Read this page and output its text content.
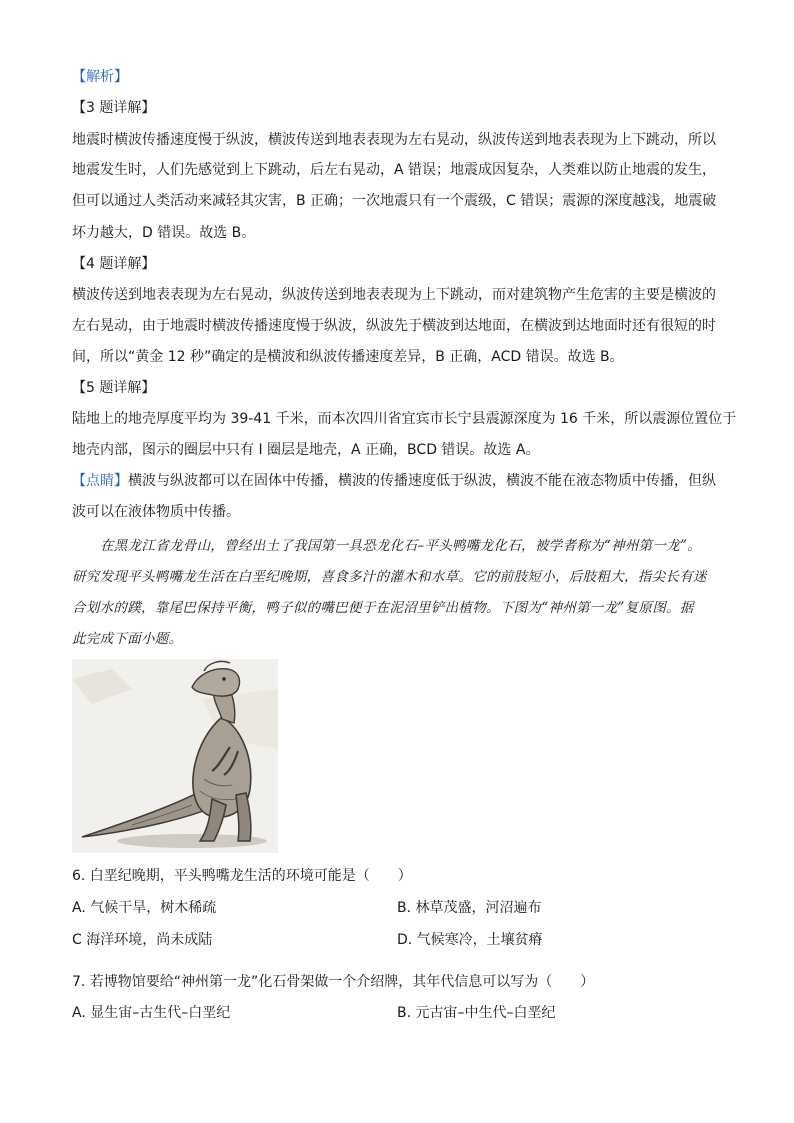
【解析】
【3 题详解】
地震时横波传播速度慢于纵波，横波传送到地表表现为左右晃动，纵波传送到地表表现为上下跳动，所以
地震发生时，人们先感觉到上下跳动，后左右晃动，A 错误；地震成因复杂，人类难以防止地震的发生，
但可以通过人类活动来减轻其灾害，B 正确；一次地震只有一个震级，C 错误；震源的深度越浅，地震破
坏力越大，D 错误。故选 B。
【4 题详解】
横波传送到地表表现为左右晃动，纵波传送到地表表现为上下跳动，而对建筑物产生危害的主要是横波的
左右晃动，由于地震时横波传播速度慢于纵波，纵波先于横波到达地面，在横波到达地面时还有很短的时
间，所以“黄金 12 秒”确定的是横波和纵波传播速度差异，B 正确，ACD 错误。故选 B。
【5 题详解】
陆地上的地壳厚度平均为 39-41 千米，而本次四川省宜宾市长宁县震源深度为 16 千米，所以震源位置位于
地壳内部，图示的圈层中只有 I 圈层是地壳，A 正确，BCD 错误。故选 A。
【点睛】横波与纵波都可以在固体中传播，横波的传播速度低于纵波，横波不能在液态物质中传播，但纵
波可以在液体物质中传播。
在黑龙江省龙骨山，曾经出土了我国第一具恐龙化石–平头鸭嘴龙化石，被学者称为“神州第一龙”。
研究发现平头鸭嘴龙生活在白垩纪晚期，喜食多汁的灌木和水草。它的前肢短小，后肢粗大，指尖长有迷
合划水的蹼，靠尾巴保持平衡，鸭子似的嘴巴便于在泥沼里铲出植物。下图为“神州第一龙”复原图。据
此完成下面小题。
6. 白垩纪晚期，平头鸭嘴龙生活的环境可能是（　　）
A. 气候干旱，树木稀疏	B. 林草茂盛，河沼遍布
C 海洋环境，尚未成陆	D. 气候寒冷，土壤贫瘠
7. 若博物馆要给“神州第一龙”化石骨架做一个介绍牌，其年代信息可以写为（　　）
A. 显生宙–古生代–白垩纪	B. 元古宙–中生代–白垩纪
